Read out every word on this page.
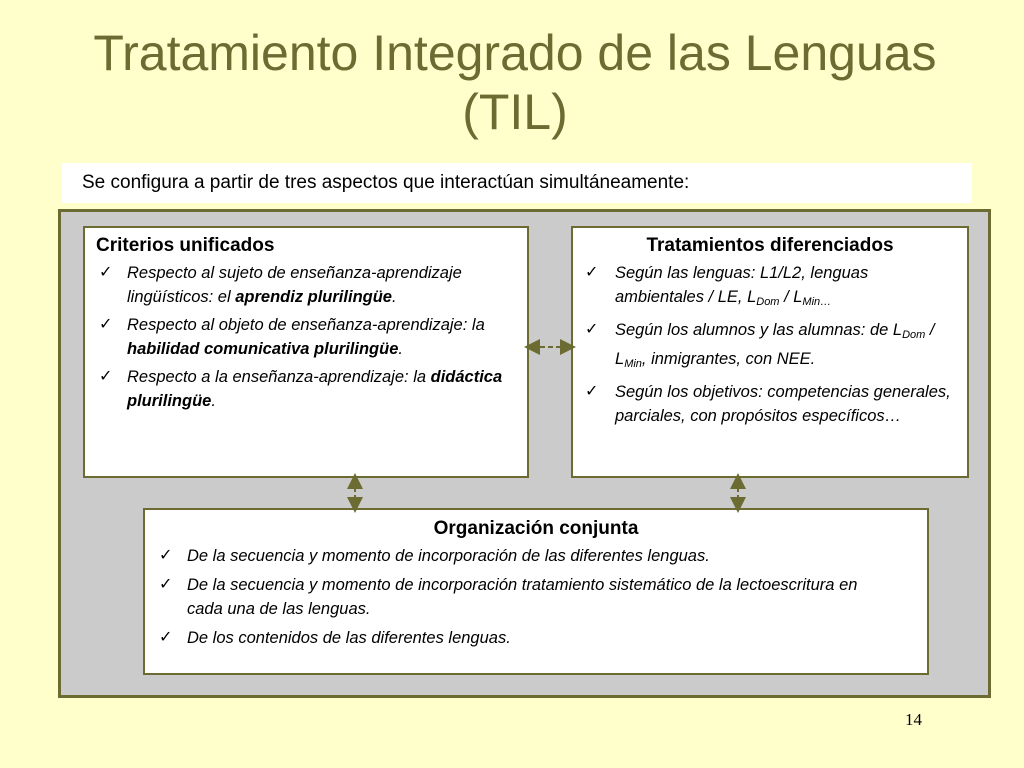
Tratamiento Integrado de las Lenguas (TIL)
Se configura a partir de tres aspectos que interactúan simultáneamente:
Criterios unificados
✓ Respecto al sujeto de enseñanza-aprendizaje lingüísticos: el aprendiz plurilingüe.
✓ Respecto al objeto de enseñanza-aprendizaje: la habilidad comunicativa plurilingüe.
✓ Respecto a la enseñanza-aprendizaje: la didáctica plurilingüe.
Tratamientos diferenciados
✓ Según las lenguas: L1/L2, lenguas ambientales / LE, $L_{Dom} / L_{Min\dots}$
✓ Según los alumnos y las alumnas: de $L_{Dom} / L_{Min}$, inmigrantes, con NEE.
✓ Según los objetivos: competencias generales, parciales, con propósitos específicos…
Organización conjunta
✓ De la secuencia y momento de incorporación de las diferentes lenguas.
✓ De la secuencia y momento de incorporación tratamiento sistemático de la lectoescritura en cada una de las lenguas.
✓ De los contenidos de las diferentes lenguas.
14
